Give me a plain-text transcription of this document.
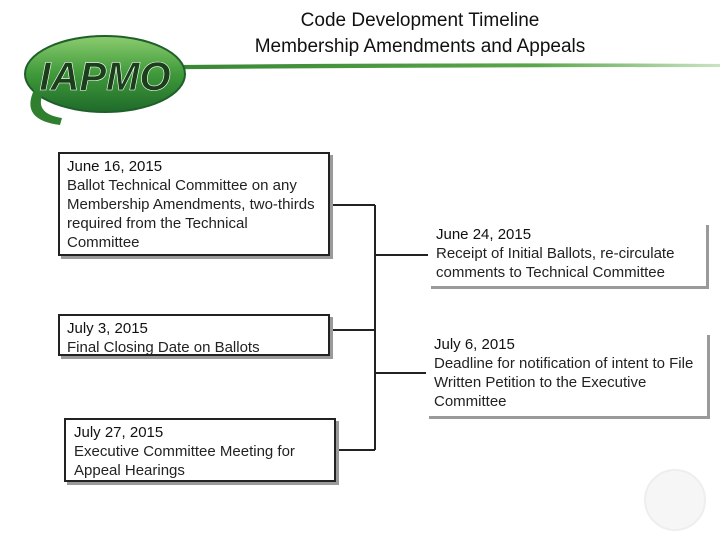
Code Development Timeline
Membership Amendments and Appeals
IAPMO
June 16, 2015
Ballot Technical Committee on any Membership Amendments, two-thirds required from the Technical Committee
July 3, 2015
Final Closing Date on Ballots
July 27, 2015
Executive Committee Meeting for Appeal Hearings
June 24, 2015
Receipt of Initial Ballots, re-circulate comments to Technical Committee
July 6, 2015
Deadline for notification of intent to File Written Petition to the Executive Committee
